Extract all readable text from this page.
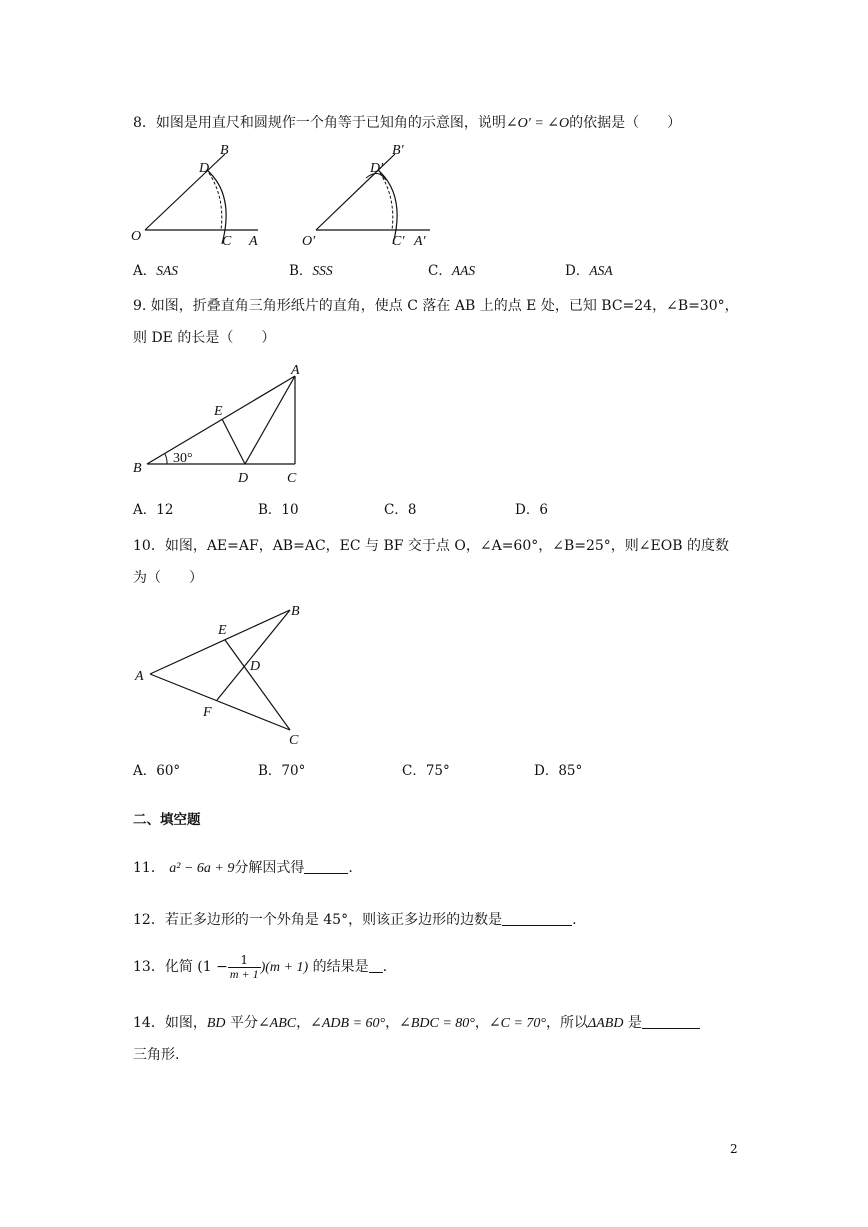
8．如图是用直尺和圆规作一个角等于已知角的示意图，说明∠O′ = ∠O的依据是（　　）
B
D
O	C A
B′
D′
O′	C′ A′
A．SAS	B．SSS	C．AAS	D．ASA
9. 如图，折叠直角三角形纸片的直角，使点 C 落在 AB 上的点 E 处，已知 BC=24，∠B=30°，
则 DE 的长是（　　）
A
E
B
D	C
30°
A．12	B．10	C．8	D．6
10．如图，AE=AF，AB=AC，EC 与 BF 交于点 O，∠A=60°，∠B=25°，则∠EOB 的度数
为（　　）
A
B
C
E
F
D
A．60°	B．70°	C．75°	D．85°
二、填空题
11． a² − 6a + 9分解因式得	.
12．若正多边形的一个外角是 45°，则该正多边形的边数是	.
13．化简 $(1 - \frac{1}{m + 1} )(m + 1)$ 的结果是 .
14．如图，BD 平分∠ABC，∠ADB = 60°，∠BDC = 80°，∠C = 70°，所以ΔABD 是
三角形.
2
